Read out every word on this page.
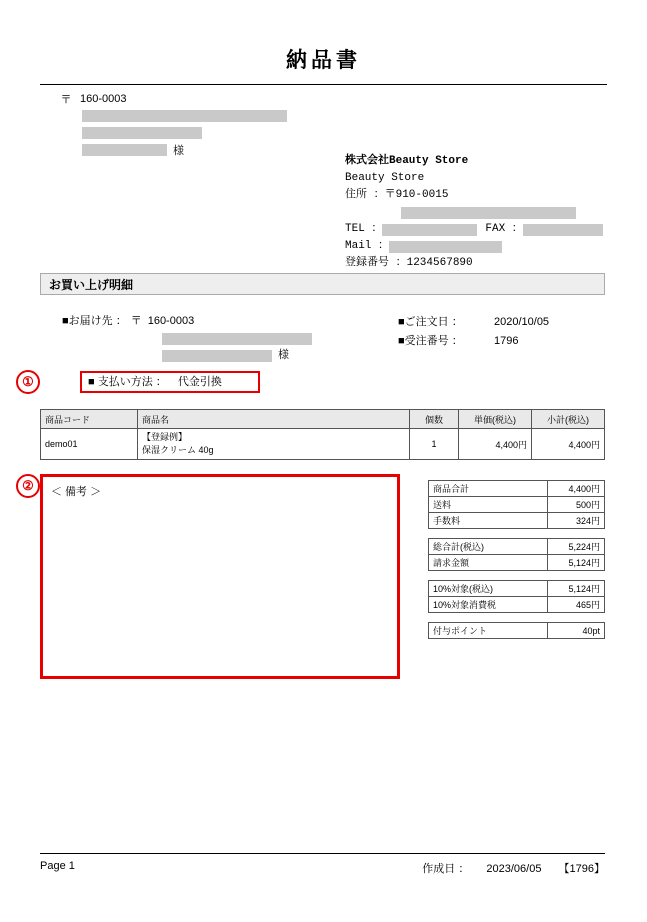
納品書
〒 160-0003
様
株式会社Beauty Store
Beauty Store
住所 ： 〒910-0015
TEL ：	FAX ：
Mail ：
登録番号 ： 1234567890
お買い上げ明細
■お届け先 ： 〒 160-0003
様
■ご注文日 ：	2020/10/05
■受注番号 ：	1796
①	■ 支払い方法 ： 代金引換
商品コード	商品名	個数	単価(税込)	小計(税込)
demo01	【登録例】
保湿クリーム 40g	1	4,400円	4,400円
②	＜ 備考 ＞	商品合計	4,400円
送料	500円
手数料	324円
総合計(税込)	5,224円
請求金額	5,124円
10%対象(税込)	5,124円
10%対象消費税	465円
付与ポイント	40pt
Page 1	作成日 ： 2023/06/05 【1796】
